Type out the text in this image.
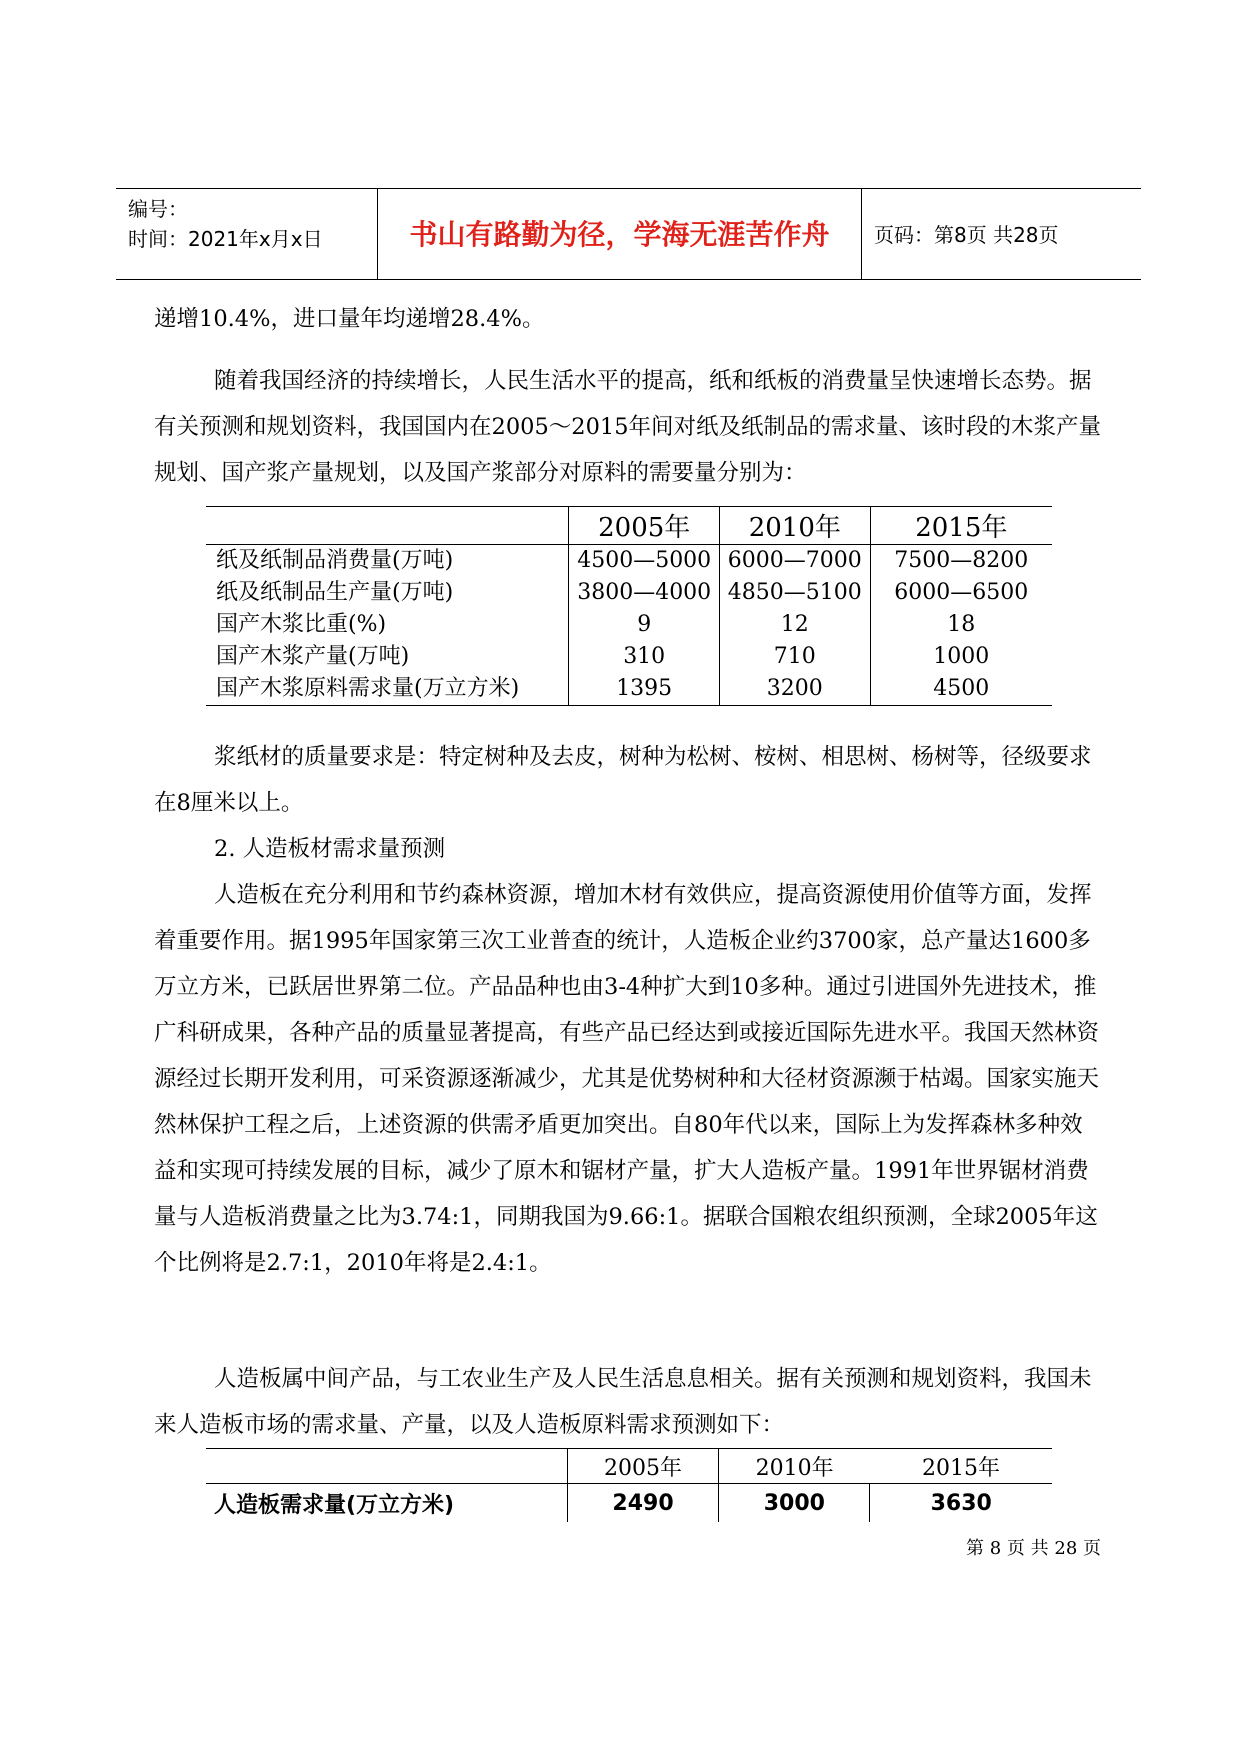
编号：
时间：2021年x月x日	书山有路勤为径，学海无涯苦作舟	页码：第8页 共28页

递增10.4%，进口量年均递增28.4%。

随着我国经济的持续增长，人民生活水平的提高，纸和纸板的消费量呈快速增长态势。据有关预测和规划资料，我国国内在2005～2015年间对纸及纸制品的需求量、该时段的木浆产量规划、国产浆产量规划，以及国产浆部分对原料的需要量分别为：

	2005年	2010年	2015年
纸及纸制品消费量(万吨)	4500—5000	6000—7000	7500—8200
纸及纸制品生产量(万吨)	3800—4000	4850—5100	6000—6500
国产木浆比重(%)	9	12	18
国产木浆产量(万吨)	310	710	1000
国产木浆原料需求量(万立方米)	1395	3200	4500

浆纸材的质量要求是：特定树种及去皮，树种为松树、桉树、相思树、杨树等，径级要求在8厘米以上。

2. 人造板材需求量预测

人造板在充分利用和节约森林资源，增加木材有效供应，提高资源使用价值等方面，发挥着重要作用。据1995年国家第三次工业普查的统计，人造板企业约3700家，总产量达1600多万立方米，已跃居世界第二位。产品品种也由3-4种扩大到10多种。通过引进国外先进技术，推广科研成果，各种产品的质量显著提高，有些产品已经达到或接近国际先进水平。我国天然林资源经过长期开发利用，可采资源逐渐减少，尤其是优势树种和大径材资源濒于枯竭。国家实施天然林保护工程之后，上述资源的供需矛盾更加突出。自80年代以来，国际上为发挥森林多种效益和实现可持续发展的目标，减少了原木和锯材产量，扩大人造板产量。1991年世界锯材消费量与人造板消费量之比为3.74:1，同期我国为9.66:1。据联合国粮农组织预测，全球2005年这个比例将是2.7:1，2010年将是2.4:1。

人造板属中间产品，与工农业生产及人民生活息息相关。据有关预测和规划资料，我国未来人造板市场的需求量、产量，以及人造板原料需求预测如下：

	2005年	2010年	2015年
人造板需求量(万立方米)	2490	3000	3630
第 8 页 共 28 页
